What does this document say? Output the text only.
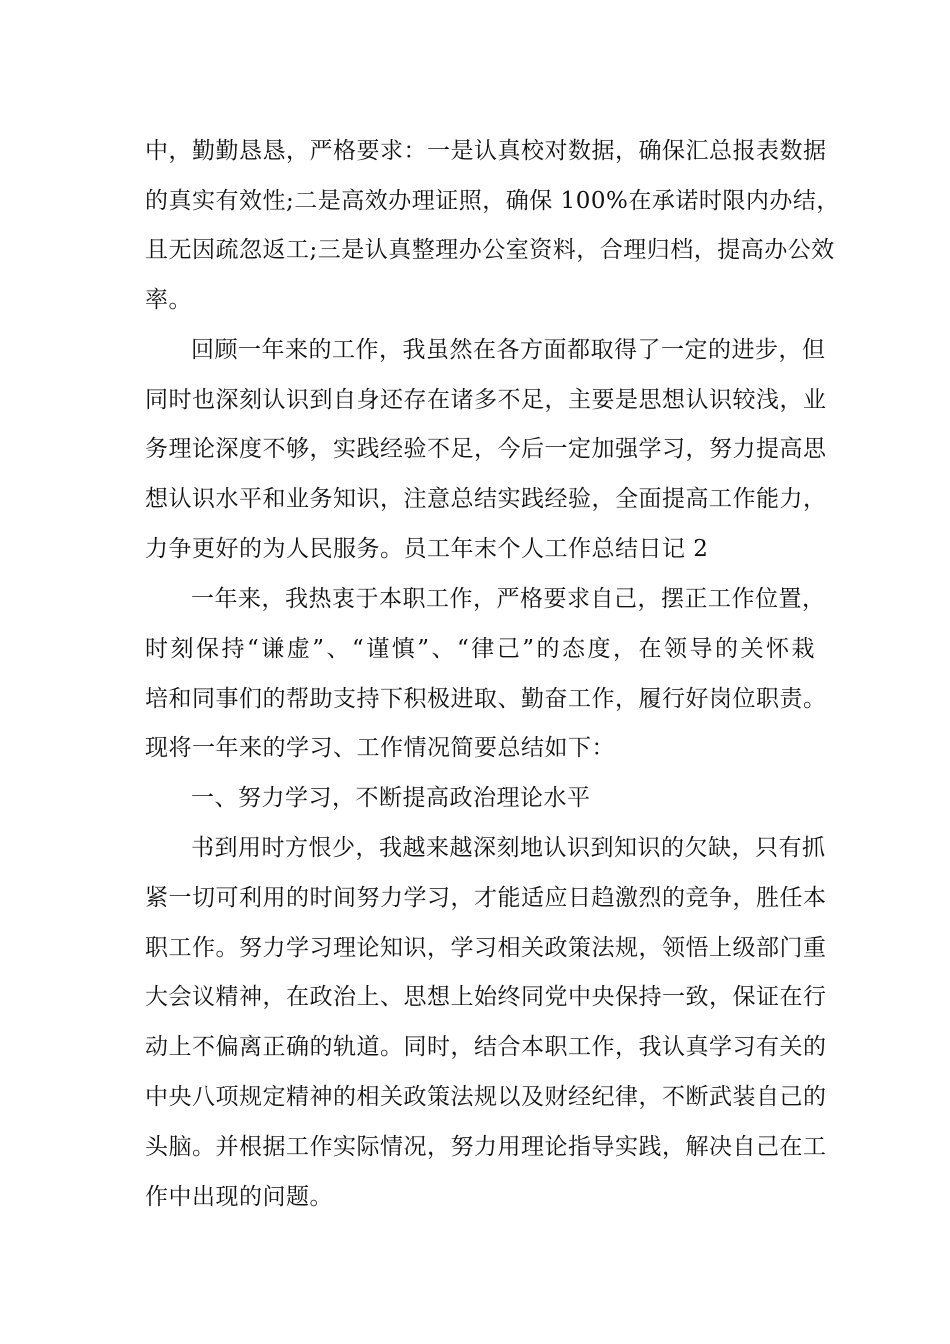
中，勤勤恳恳，严格要求：一是认真校对数据，确保汇总报表数据
的真实有效性;二是高效办理证照，确保 100%在承诺时限内办结，
且无因疏忽返工;三是认真整理办公室资料，合理归档，提高办公效
率。
回顾一年来的工作，我虽然在各方面都取得了一定的进步，但
同时也深刻认识到自身还存在诸多不足，主要是思想认识较浅，业
务理论深度不够，实践经验不足，今后一定加强学习，努力提高思
想认识水平和业务知识，注意总结实践经验，全面提高工作能力，
力争更好的为人民服务。员工年末个人工作总结日记 2
一年来，我热衷于本职工作，严格要求自己，摆正工作位置，
时刻保持“谦虚”、“谨慎”、“律己”的态度，在领导的关怀栽
培和同事们的帮助支持下积极进取、勤奋工作，履行好岗位职责。
现将一年来的学习、工作情况简要总结如下：
一、努力学习，不断提高政治理论水平
书到用时方恨少，我越来越深刻地认识到知识的欠缺，只有抓
紧一切可利用的时间努力学习，才能适应日趋激烈的竞争，胜任本
职工作。努力学习理论知识，学习相关政策法规，领悟上级部门重
大会议精神，在政治上、思想上始终同党中央保持一致，保证在行
动上不偏离正确的轨道。同时，结合本职工作，我认真学习有关的
中央八项规定精神的相关政策法规以及财经纪律，不断武装自己的
头脑。并根据工作实际情况，努力用理论指导实践，解决自己在工
作中出现的问题。
